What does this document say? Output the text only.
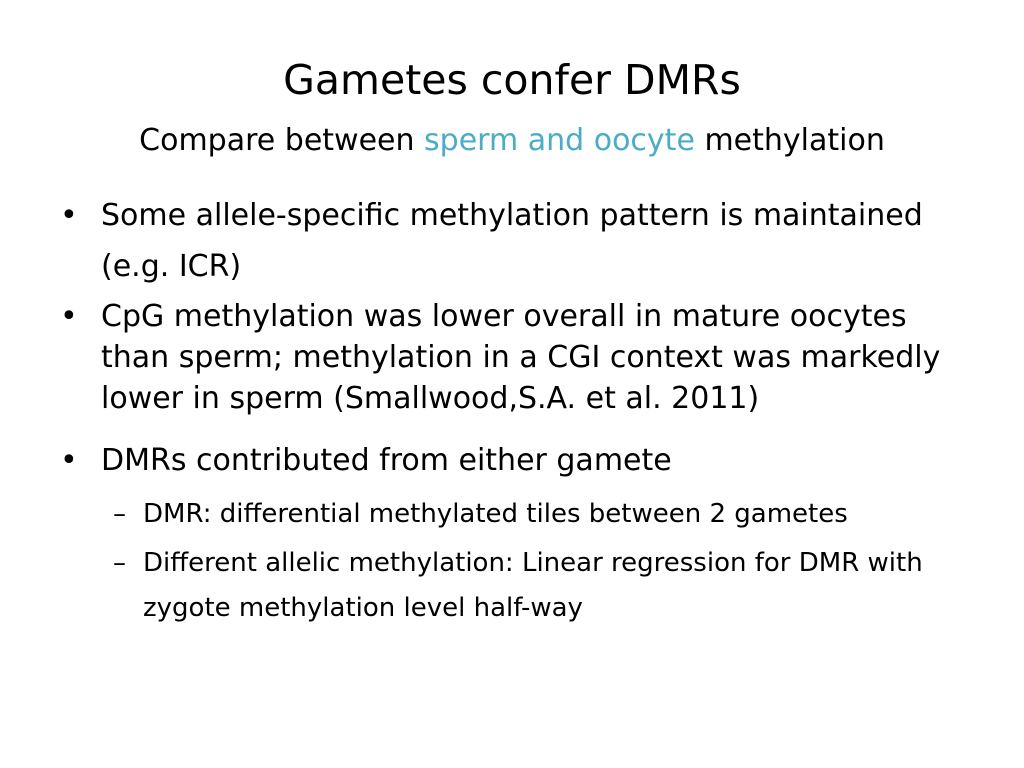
Gametes confer DMRs
Compare between sperm and oocyte methylation
• Some allele-specific methylation pattern is maintained (e.g. ICR)
• CpG methylation was lower overall in mature oocytes than sperm; methylation in a CGI context was markedly lower in sperm (Smallwood,S.A. et al. 2011)
• DMRs contributed from either gamete
– DMR: differential methylated tiles between 2 gametes
– Different allelic methylation: Linear regression for DMR with zygote methylation level half-way
